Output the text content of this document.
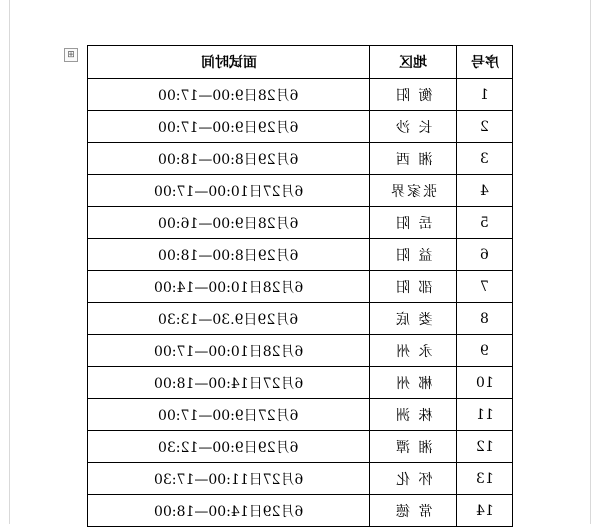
⊞
面试时间	地区	序号
6月28日9:00—17:00	衡 阳	1
6月29日9:00—17:00	长 沙	2
6月29日8:00—18:00	湘 西	3
6月27日10:00—17:00	张家界	4
6月28日9:00—16:00	岳 阳	5
6月29日8:00—18:00	益 阳	6
6月28日10:00—14:00	邵 阳	7
6月29日9.30—13:30	娄 底	8
6月28日10:00—17:00	永 州	9
6月27日14:00—18:00	郴 州	10
6月27日9:00—17:00	株 洲	11
6月29日9:00—12:30	湘 潭	12
6月27日11:00—17:30	怀 化	13
6月29日14:00—18:00	常 德	14
